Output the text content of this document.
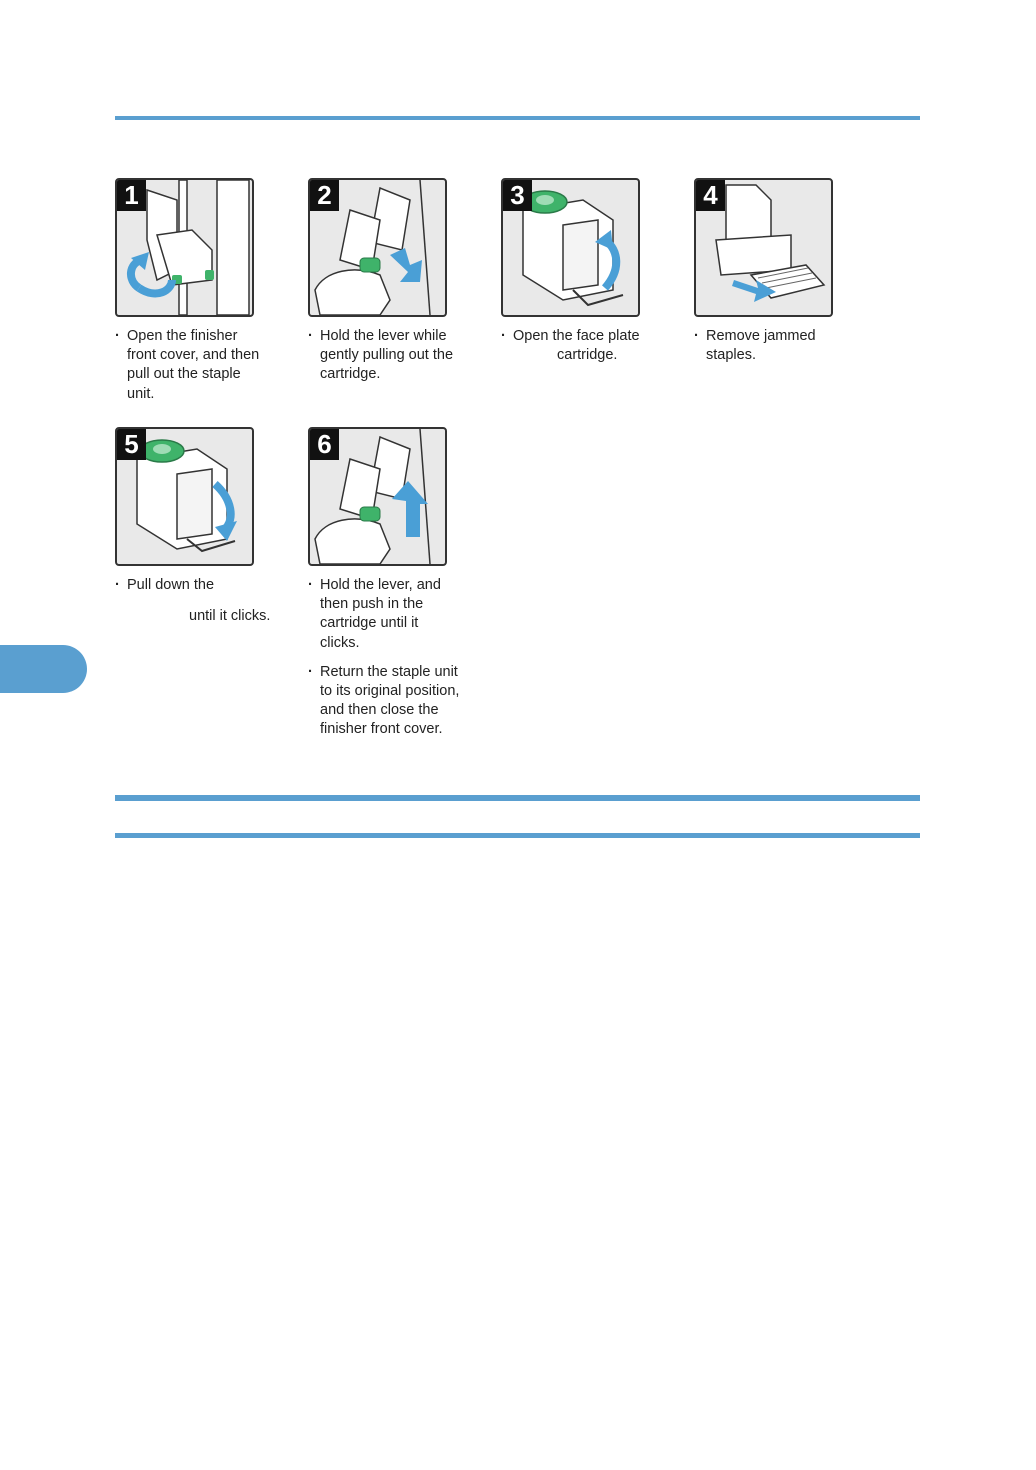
1

· Open the finisher

front cover, and then

pull out the staple

unit.

2

· Hold the lever while

gently pulling out the

cartridge.

3

· Open the face plate

cartridge.

4

· Remove jammed

staples.

5

· Pull down the

until it clicks.

6

· Hold the lever, and

then push in the

cartridge until it

clicks.

· Return the staple unit

to its original position,

and then close the

finisher front cover.
